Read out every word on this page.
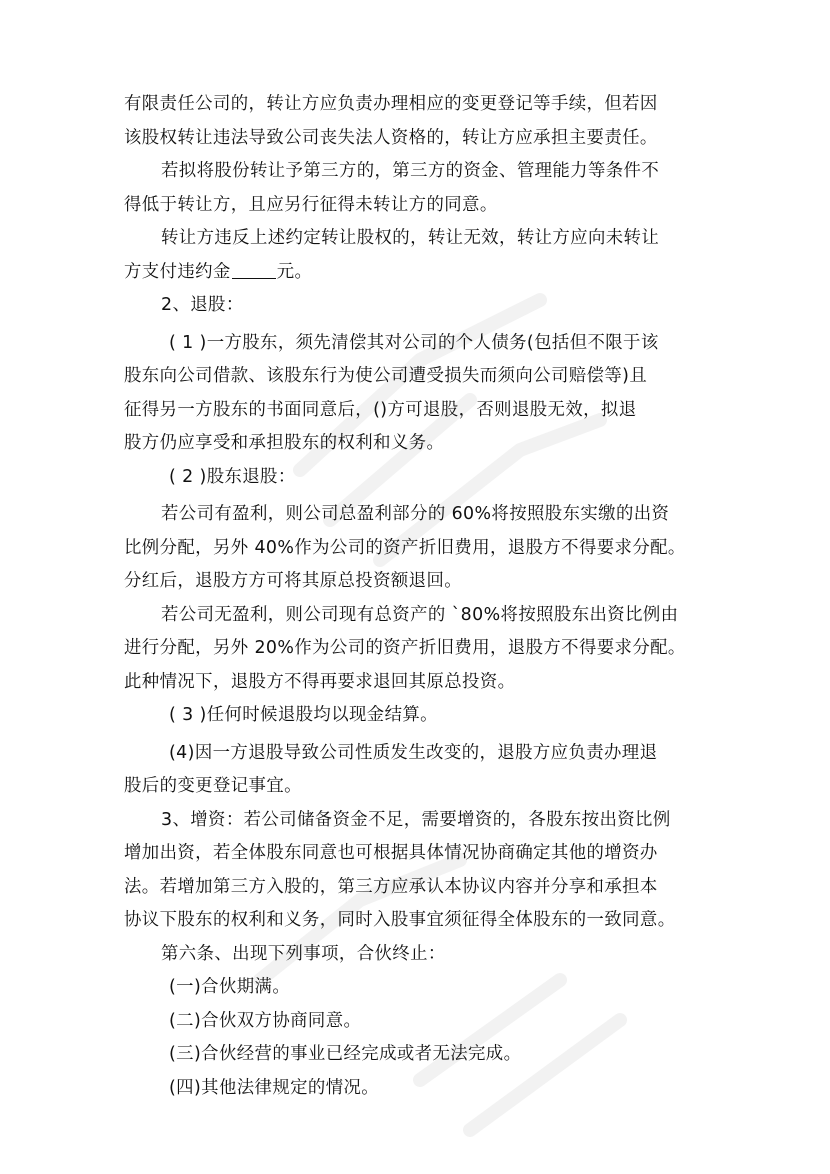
有限责任公司的，转让方应负责办理相应的变更登记等手续，但若因
该股权转让违法导致公司丧失法人资格的，转让方应承担主要责任。
若拟将股份转让予第三方的，第三方的资金、管理能力等条件不
得低于转让方，且应另行征得未转让方的同意。
转让方违反上述约定转让股权的，转让无效，转让方应向未转让
方支付违约金	元。
2、退股：
( 1 )一方股东，须先清偿其对公司的个人债务(包括但不限于该
股东向公司借款、该股东行为使公司遭受损失而须向公司赔偿等)且
征得另一方股东的书面同意后，()方可退股，否则退股无效，拟退
股方仍应享受和承担股东的权利和义务。
( 2 )股东退股：
若公司有盈利，则公司总盈利部分的 60%将按照股东实缴的出资
比例分配，另外 40%作为公司的资产折旧费用，退股方不得要求分配。
分红后，退股方方可将其原总投资额退回。
若公司无盈利，则公司现有总资产的 `80%将按照股东出资比例由
进行分配，另外 20%作为公司的资产折旧费用，退股方不得要求分配。
此种情况下，退股方不得再要求退回其原总投资。
( 3 )任何时候退股均以现金结算。
(4)因一方退股导致公司性质发生改变的，退股方应负责办理退
股后的变更登记事宜。
3、增资：若公司储备资金不足，需要增资的，各股东按出资比例
增加出资，若全体股东同意也可根据具体情况协商确定其他的增资办
法。若增加第三方入股的，第三方应承认本协议内容并分享和承担本
协议下股东的权利和义务，同时入股事宜须征得全体股东的一致同意。
第六条、出现下列事项，合伙终止：
(一)合伙期满。
(二)合伙双方协商同意。
(三)合伙经营的事业已经完成或者无法完成。
(四)其他法律规定的情况。
